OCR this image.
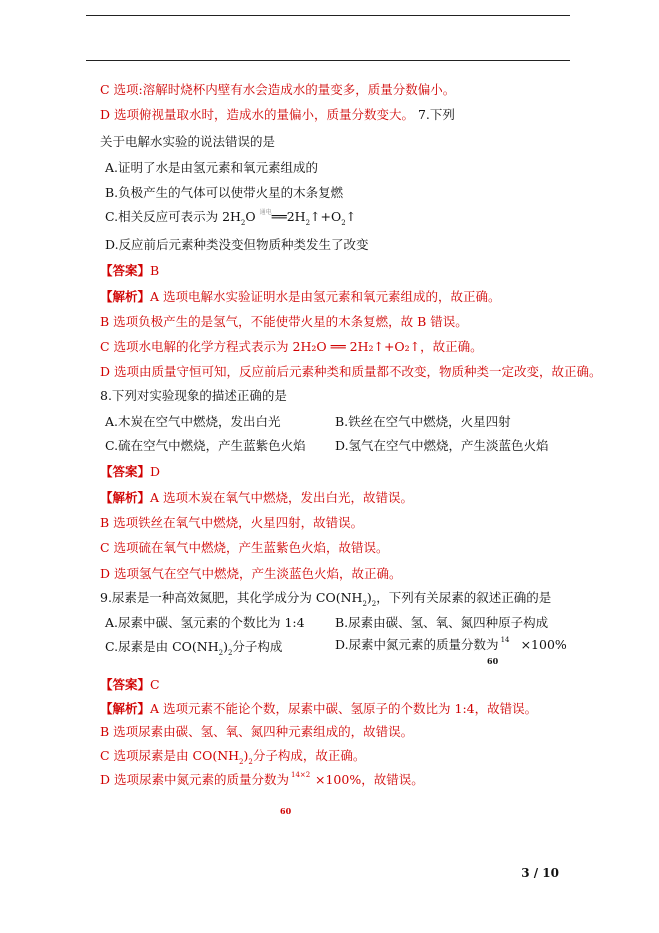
C 选项:溶解时烧杯内壁有水会造成水的量变多，质量分数偏小。
D 选项俯视量取水时，造成水的量偏小，质量分数变大。 7.下列
关于电解水实验的说法错误的是
A.证明了水是由氢元素和氧元素组成的
B.负极产生的气体可以使带火星的木条复燃
C.相关反应可表示为 $2H_2O$ $^{通电}══2H_2↑+O_2↑$
D.反应前后元素种类没变但物质种类发生了改变
【答案】B
【解析】A 选项电解水实验证明水是由氢元素和氧元素组成的，故正确。
B 选项负极产生的是氢气，不能使带火星的木条复燃，故 B 错误。
C 选项水电解的化学方程式表示为 2H₂O ══ 2H₂↑+O₂↑，故正确。
D 选项由质量守恒可知，反应前后元素种类和质量都不改变，物质种类一定改变，故正确。
8.下列对实验现象的描述正确的是
A.木炭在空气中燃烧，发出白光	B.铁丝在空气中燃烧，火星四射
C.硫在空气中燃烧，产生蓝紫色火焰 D.氢气在空气中燃烧，产生淡蓝色火焰
【答案】D
【解析】A 选项木炭在氧气中燃烧，发出白光，故错误。
B 选项铁丝在氧气中燃烧，火星四射，故错误。
C 选项硫在氧气中燃烧，产生蓝紫色火焰，故错误。
D 选项氢气在空气中燃烧，产生淡蓝色火焰，故正确。
9.尿素是一种高效氮肥，其化学成分为 $CO(NH_2)_2$，下列有关尿素的叙述正确的是
A.尿素中碳、氢元素的个数比为 1:4 B.尿素由碳、氢、氧、氮四种原子构成
C.尿素是由 $CO(NH_2)_2$分子构成	D.尿素中氮元素的质量分数为 14 ×100%
60
【答案】C
【解析】A 选项元素不能论个数，尿素中碳、氢原子的个数比为 1:4，故错误。
B 选项尿素由碳、氢、氧、氮四种元素组成的，故错误。
C 选项尿素是由 $CO(NH_2)_2$分子构成，故正确。
D 选项尿素中氮元素的质量分数为 14×2 ×100%，故错误。
60
3 / 10
